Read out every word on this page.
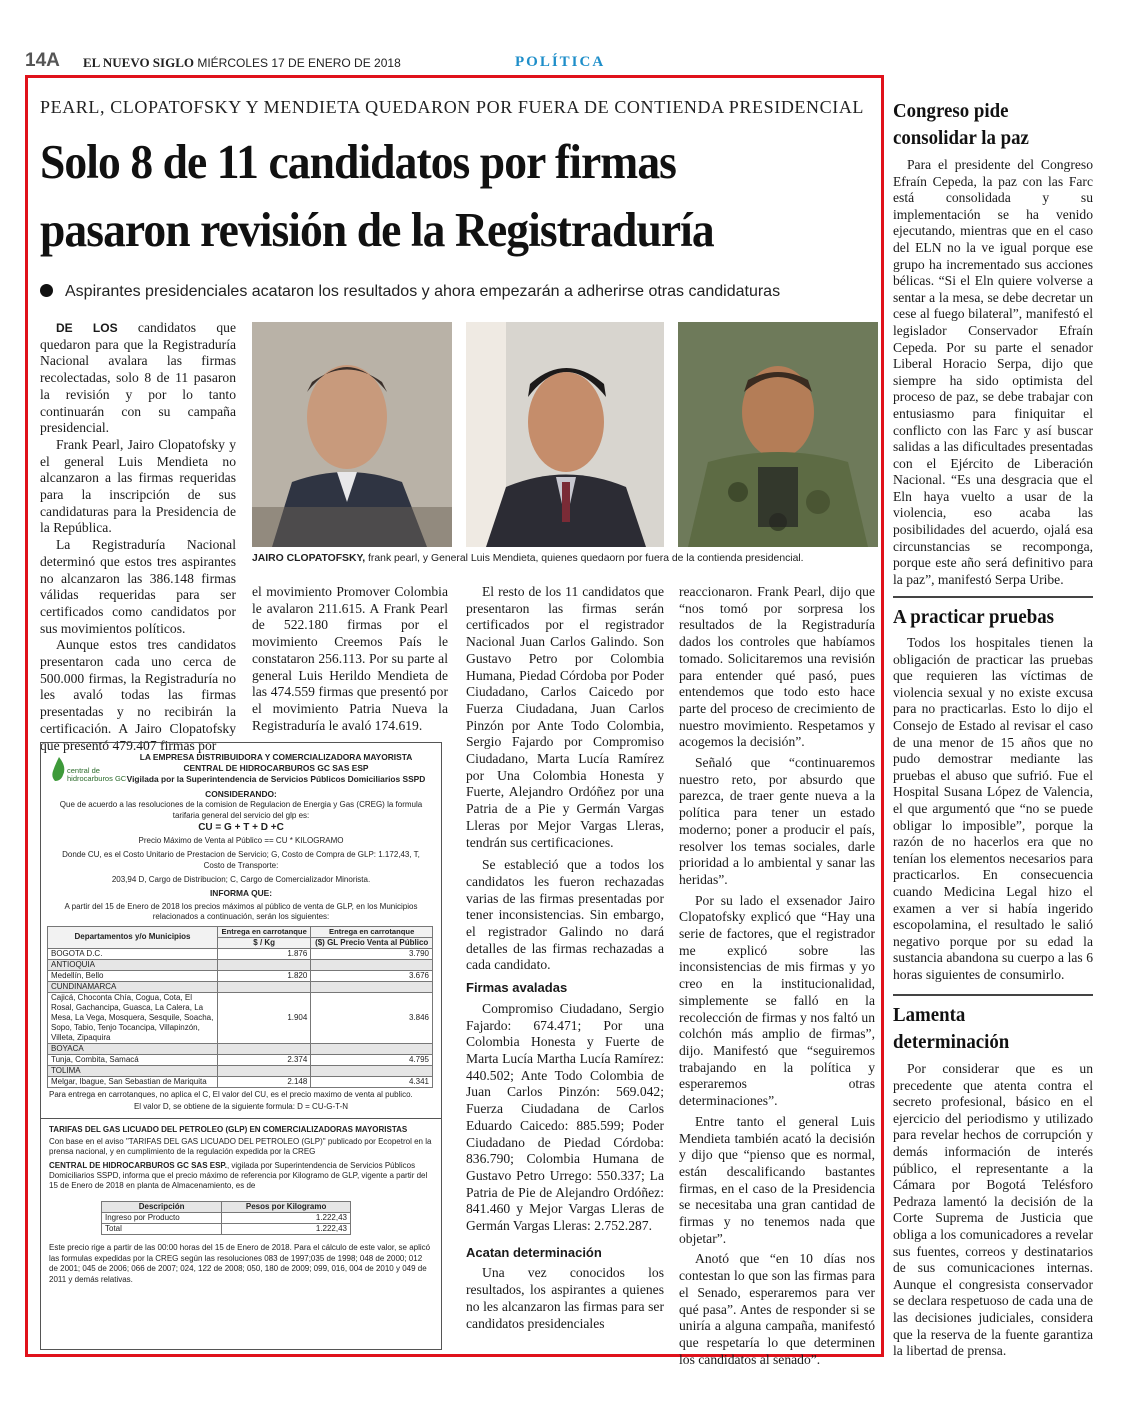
14A EL NUEVO SIGLO MIÉRCOLES 17 DE ENERO DE 2018	POLÍTICA
PEARL, CLOPATOFSKY Y MENDIETA QUEDARON POR FUERA DE CONTIENDA PRESIDENCIAL
Solo 8 de 11 candidatos por firmas
pasaron revisión de la Registraduría
Aspirantes presidenciales acataron los resultados y ahora empezarán a adherirse otras candidaturas

DE LOS candidatos que quedaron para que la Registraduría Nacional avalara las firmas recolectadas, solo 8 de 11 pasaron la revisión y por lo tanto continuarán con su campaña presidencial.

Frank Pearl, Jairo Clopatofsky y el general Luis Mendieta no alcanzaron a las firmas requeridas para la inscripción de sus candidaturas para la Presidencia de la República.

La Registraduría Nacional determinó que estos tres aspirantes no alcanzaron las 386.148 firmas válidas requeridas para ser certificados como candidatos por sus movimientos políticos.

Aunque estos tres candidatos presentaron cada uno cerca de 500.000 firmas, la Registraduría no les avaló todas las firmas presentadas y no recibirán la certificación. A Jairo Clopatofsky que presentó 479.407 firmas por

JAIRO CLOPATOFSKY, frank pearl, y General Luis Mendieta, quienes quedaorn por fuera de la contienda presidencial.

el movimiento Promover Colombia le avalaron 211.615. A Frank Pearl de 522.180 firmas por el movimiento Creemos País le constataron 256.113. Por su parte al general Luis Herildo Mendieta de las 474.559 firmas que presentó por el movimiento Patria Nueva la Registraduría le avaló 174.619.

El resto de los 11 candidatos que presentaron las firmas serán certificados por el registrador Nacional Juan Carlos Galindo. Son Gustavo Petro por Colombia Humana, Piedad Córdoba por Poder Ciudadano, Carlos Caicedo por Fuerza Ciudadana, Juan Carlos Pinzón por Ante Todo Colombia, Sergio Fajardo por Compromiso Ciudadano, Marta Lucía Ramírez por Una Colombia Honesta y Fuerte, Alejandro Ordóñez por una Patria de a Pie y Germán Vargas Lleras por Mejor Vargas Lleras, tendrán sus certificaciones.

Se estableció que a todos los candidatos les fueron rechazadas varias de las firmas presentadas por tener inconsistencias. Sin embargo, el registrador Galindo no dará detalles de las firmas rechazadas a cada candidato.

Firmas avaladas

Compromiso Ciudadano, Sergio Fajardo: 674.471; Por una Colombia Honesta y Fuerte de Marta Lucía Martha Lucía Ramírez: 440.502; Ante Todo Colombia de Juan Carlos Pinzón: 569.042; Fuerza Ciudadana de Carlos Eduardo Caicedo: 885.599; Poder Ciudadano de Piedad Córdoba: 836.790; Colombia Humana de Gustavo Petro Urrego: 550.337; La Patria de Pie de Alejandro Ordóñez: 841.460 y Mejor Vargas Lleras de Germán Vargas Lleras: 2.752.287.

Acatan determinación

Una vez conocidos los resultados, los aspirantes a quienes no les alcanzaron las firmas para ser candidatos presidenciales

reaccionaron. Frank Pearl, dijo que “nos tomó por sorpresa los resultados de la Registraduría dados los controles que habíamos tomado. Solicitaremos una revisión para entender qué pasó, pues entendemos que todo esto hace parte del proceso de crecimiento de nuestro movimiento. Respetamos y acogemos la decisión”.

Señaló que “continuaremos nuestro reto, por absurdo que parezca, de traer gente nueva a la política para tener un estado moderno; poner a producir el país, resolver los temas sociales, darle prioridad a lo ambiental y sanar las heridas”.

Por su lado el exsenador Jairo Clopatofsky explicó que “Hay una serie de factores, que el registrador me explicó sobre las inconsistencias de mis firmas y yo creo en la institucionalidad, simplemente se falló en la recolección de firmas y nos faltó un colchón más amplio de firmas”, dijo. Manifestó que “seguiremos trabajando en la política y esperaremos otras determinaciones”.

Entre tanto el general Luis Mendieta también acató la decisión y dijo que “pienso que es normal, están descalificando bastantes firmas, en el caso de la Presidencia se necesitaba una gran cantidad de firmas y no tenemos nada que objetar”.

Anotó que “en 10 días nos contestan lo que son las firmas para el Senado, esperaremos para ver qué pasa”. Antes de responder si se uniría a alguna campaña, manifestó que respetaría lo que determinen los candidatos al senado”.

central de
hidrocarburos GC
LA EMPRESA DISTRIBUIDORA Y COMERCIALIZADORA MAYORISTA
CENTRAL DE HIDROCARBUROS GC SAS ESP
Vigilada por la Superintendencia de Servicios Públicos Domiciliarios SSPD
CONSIDERANDO:
Que de acuerdo a las resoluciones de la comision de Regulacion de Energia y Gas (CREG) la formula tarifaria general del servicio del glp es:
CU = G + T + D +C
Precio Máximo de Venta al Público == CU * KILOGRAMO
Donde CU, es el Costo Unitario de Prestacion de Servicio; G, Costo de Compra de GLP: 1.172,43, T, Costo de Transporte:
203,94 D, Cargo de Distribucion; C, Cargo de Comercializador Minorista.
INFORMA QUE:
A partir del 15 de Enero de 2018 los precios máximos al público de venta de GLP, en los Municipios relacionados a continuación, serán los siguientes:
Departamentos y/o Municipios	Entrega en carrotanque	Entrega en carrotanque
	$ / Kg	($) GL Precio Venta al Público
BOGOTA D.C.	1.876	3.790
ANTIOQUIA		
Medellín, Bello	1.820	3.676
CUNDINAMARCA		
Cajicá, Choconta Chía, Cogua, Cota, El Rosal, Gachancipa, Guasca, La Calera, La Mesa, La Vega, Mosquera, Sesquile, Soacha, Sopo, Tabio, Tenjo Tocancipa, Villapinzón, Villeta, Zipaquira	1.904	3.846
BOYACA		
Tunja, Combita, Samacá	2.374	4.795
TOLIMA		
Melgar, Ibague, San Sebastian de Mariquita	2.148	4.341
Para entrega en carrotanques, no aplica el C, El valor del CU, es el precio maximo de venta al publico.
El valor D, se obtiene de la siguiente formula: D = CU-G-T-N
TARIFAS DEL GAS LICUADO DEL PETROLEO (GLP) EN COMERCIALIZADORAS MAYORISTAS
Con base en el aviso "TARIFAS DEL GAS LICUADO DEL PETROLEO (GLP)" publicado por Ecopetrol en la prensa nacional, y en cumplimiento de la regulación expedida por la CREG
CENTRAL DE HIDROCARBUROS GC SAS ESP., vigilada por Superintendencia de Servicios Públicos Domiciliarios SSPD, informa que el precio máximo de referencia por Kilogramo de GLP, vigente a partir del 15 de Enero de 2018 en planta de Almacenamiento, es de
Descripción	Pesos por Kilogramo
Ingreso por Producto	1.222,43
Total	1.222,43
Este precio rige a partir de las 00:00 horas del 15 de Enero de 2018. Para el cálculo de este valor, se aplicó las formulas expedidas por la CREG según las resoluciones 083 de 1997;035 de 1998; 048 de 2000; 012 de 2001; 045 de 2006; 066 de 2007; 024, 122 de 2008; 050, 180 de 2009; 099, 016, 004 de 2010 y 049 de 2011 y demás relativas.
Congreso pide
consolidar la paz
Para el presidente del Congreso Efraín Cepeda, la paz con las Farc está consolidada y su implementación se ha venido ejecutando, mientras que en el caso del ELN no la ve igual porque ese grupo ha incrementado sus acciones bélicas. “Si el Eln quiere volverse a sentar a la mesa, se debe decretar un cese al fuego bilateral”, manifestó el legislador Conservador Efraín Cepeda. Por su parte el senador Liberal Horacio Serpa, dijo que siempre ha sido optimista del proceso de paz, se debe trabajar con entusiasmo para finiquitar el conflicto con las Farc y así buscar salidas a las dificultades presentadas con el Ejército de Liberación Nacional. “Es una desgracia que el Eln haya vuelto a usar de la violencia, eso acaba las posibilidades del acuerdo, ojalá esa circunstancias se recomponga, porque este año será definitivo para la paz”, manifestó Serpa Uribe.
A practicar pruebas
Todos los hospitales tienen la obligación de practicar las pruebas que requieren las víctimas de violencia sexual y no existe excusa para no practicarlas. Esto lo dijo el Consejo de Estado al revisar el caso de una menor de 15 años que no pudo demostrar mediante las pruebas el abuso que sufrió. Fue el Hospital Susana López de Valencia, el que argumentó que “no se puede obligar lo imposible”, porque la razón de no hacerlos era que no tenían los elementos necesarios para practicarlos. En consecuencia cuando Medicina Legal hizo el examen a ver si había ingerido escopolamina, el resultado le salió negativo porque por su edad la sustancia abandona su cuerpo a las 6 horas siguientes de consumirlo.
Lamenta
determinación
Por considerar que es un precedente que atenta contra el secreto profesional, básico en el ejercicio del periodismo y utilizado para revelar hechos de corrupción y demás información de interés público, el representante a la Cámara por Bogotá Telésforo Pedraza lamentó la decisión de la Corte Suprema de Justicia que obliga a los comunicadores a revelar sus fuentes, correos y destinatarios de sus comunicaciones internas. Aunque el congresista conservador se declara respetuoso de cada una de las decisiones judiciales, considera que la reserva de la fuente garantiza la libertad de prensa.
